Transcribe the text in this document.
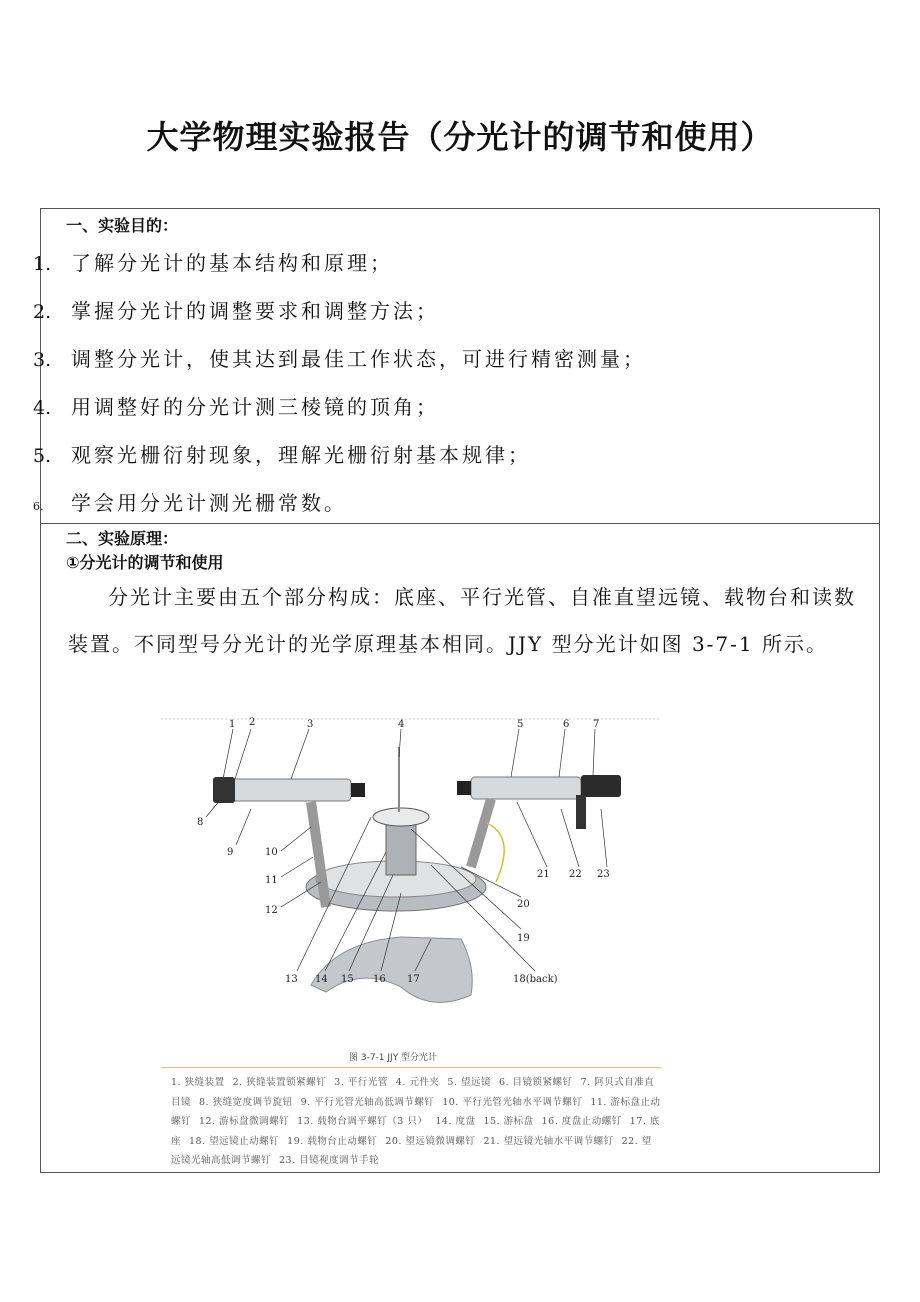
大学物理实验报告（分光计的调节和使用）
一、实验目的：
1. 了解分光计的基本结构和原理；
2. 掌握分光计的调整要求和调整方法；
3. 调整分光计，使其达到最佳工作状态，可进行精密测量；
4. 用调整好的分光计测三棱镜的顶角；
5. 观察光栅衍射现象，理解光栅衍射基本规律；
6. 学会用分光计测光栅常数。
二、实验原理：
①分光计的调节和使用
分光计主要由五个部分构成：底座、平行光管、自准直望远镜、载物台和读数装置。不同型号分光计的光学原理基本相同。JJY 型分光计如图 3-7-1 所示。
1 2	3	4	5	6 7
8
9	10
11
12
13 14 15 16 17	18(back)
19
20
21 22 23
图 3-7-1 JJY 型分光计
1. 狭缝装置 2. 狭缝装置锁紧螺钉 3. 平行光管 4. 元件夹 5. 望远镜 6. 目镜锁紧螺钉 7. 阿贝式自准直目镜 8. 狭缝宽度调节旋钮 9. 平行光管光轴高低调节螺钉 10. 平行光管光轴水平调节螺钉 11. 游标盘止动螺钉 12. 游标盘微调螺钉 13. 载物台调平螺钉（3 只） 14. 度盘 15. 游标盘 16. 度盘止动螺钉 17. 底座 18. 望远镜止动螺钉 19. 载物台止动螺钉 20. 望远镜微调螺钉 21. 望远镜光轴水平调节螺钉 22. 望远镜光轴高低调节螺钉 23. 目镜视度调节手轮
